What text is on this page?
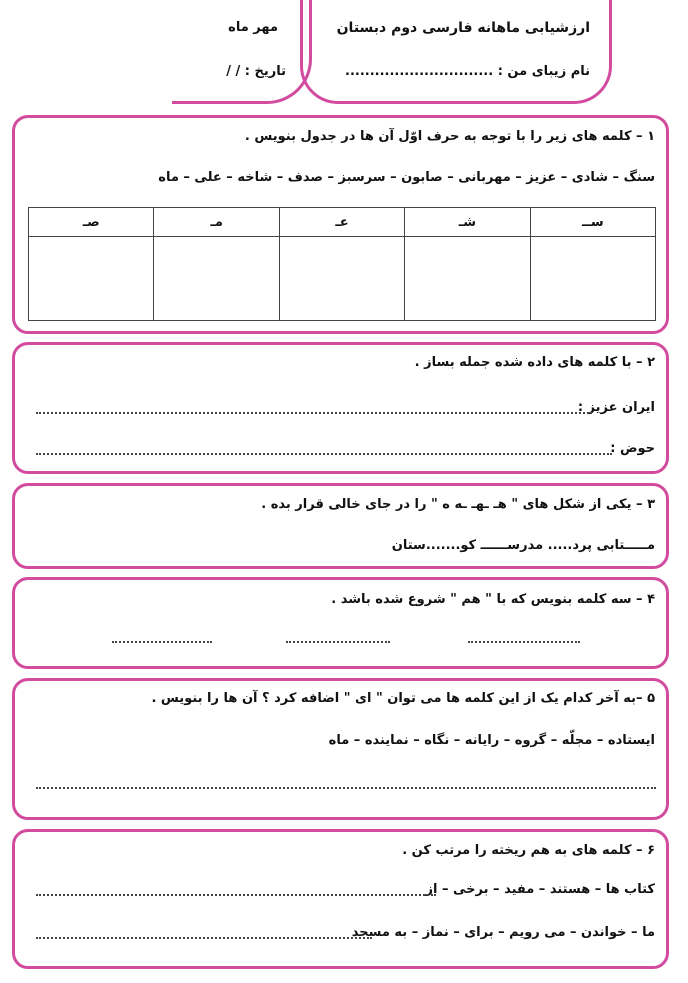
ارزشیابی ماهانه فارسی دوم دبستان
مهر ماه
نام زیبای من : ..............................
تاریخ : / /
۱ – کلمه های زیر را با توجه به حرف اوّل آن ها در جدول بنویس .
سنگ – شادی – عزیز – مهربانی – صابون – سرسبز – صدف – شاخه – علی – ماه
ســ	شـ	عـ	مـ	صـ

۲ – با کلمه های داده شده جمله بساز .
ایران عزیز :
حوض :
۳ – یکی از شکل های " هـ ـهـ ـه ه " را در جای خالی قرار بده .
مـــــتابی پرد..... مدرســــــ کو.......ستان
۴ – سه کلمه بنویس که با " هم " شروع شده باشد .
۵ –به آخر کدام یک از این کلمه ها می توان " ای " اضافه کرد ؟ آن ها را بنویس .
ایستاده – مجلّه – گروه – رایانه – نگاه – نماینده – ماه
۶ – کلمه های به هم ریخته را مرتب کن .
کتاب ها – هستند – مفید – برخی – از
ما – خواندن – می رویم – برای – نماز – به مسجد
